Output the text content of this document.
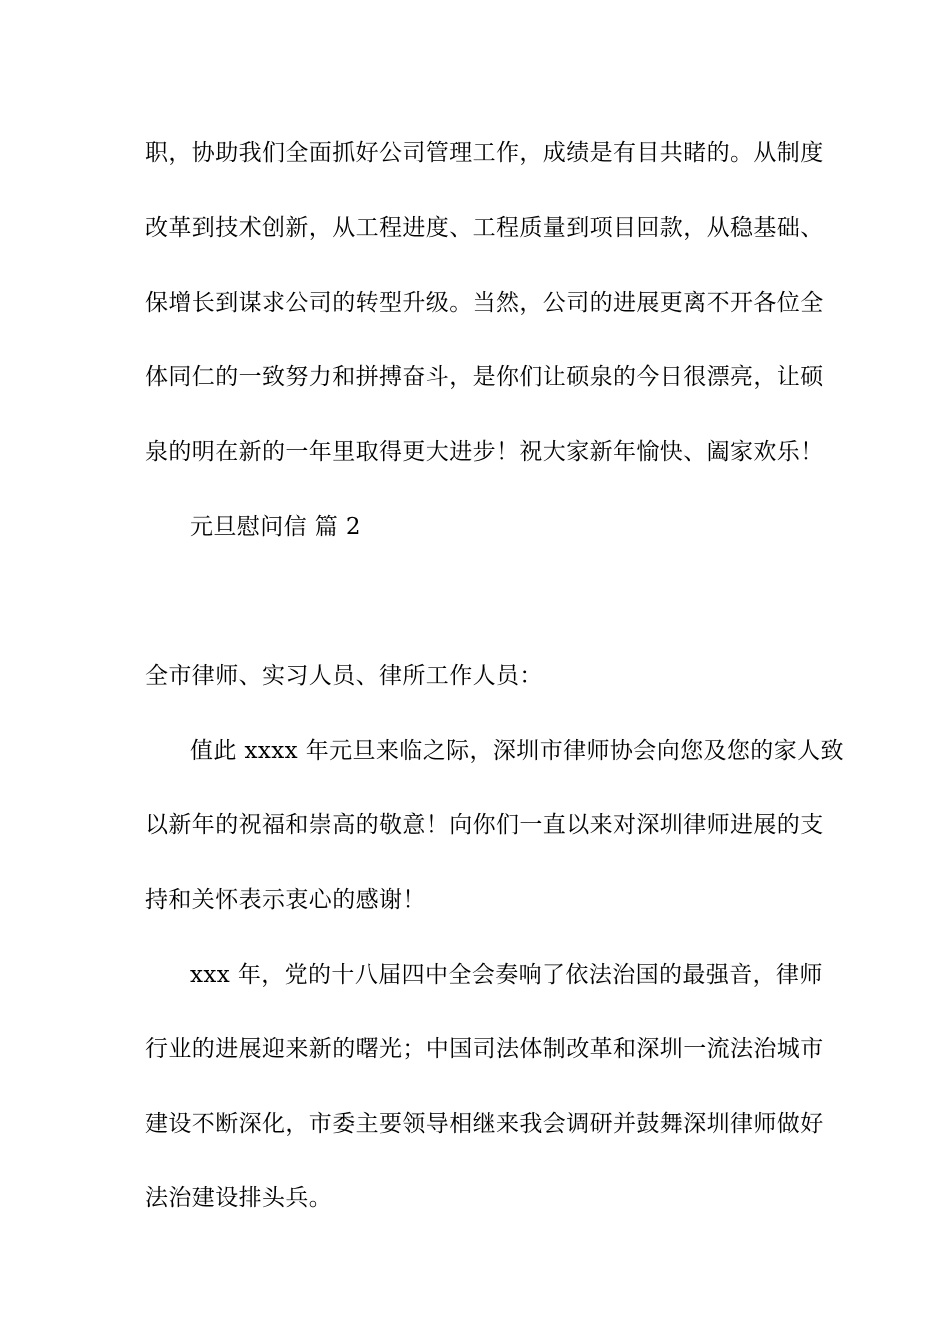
职，协助我们全面抓好公司管理工作，成绩是有目共睹的。从制度
改革到技术创新，从工程进度、工程质量到项目回款，从稳基础、
保增长到谋求公司的转型升级。当然，公司的进展更离不开各位全
体同仁的一致努力和拼搏奋斗，是你们让硕泉的今日很漂亮，让硕
泉的明在新的一年里取得更大进步！祝大家新年愉快、阖家欢乐！
元旦慰问信 篇 2
全市律师、实习人员、律所工作人员：
值此 xxxx 年元旦来临之际，深圳市律师协会向您及您的家人致
以新年的祝福和崇高的敬意！向你们一直以来对深圳律师进展的支
持和关怀表示衷心的感谢！
xxx 年，党的十八届四中全会奏响了依法治国的最强音，律师
行业的进展迎来新的曙光；中国司法体制改革和深圳一流法治城市
建设不断深化，市委主要领导相继来我会调研并鼓舞深圳律师做好
法治建设排头兵。
